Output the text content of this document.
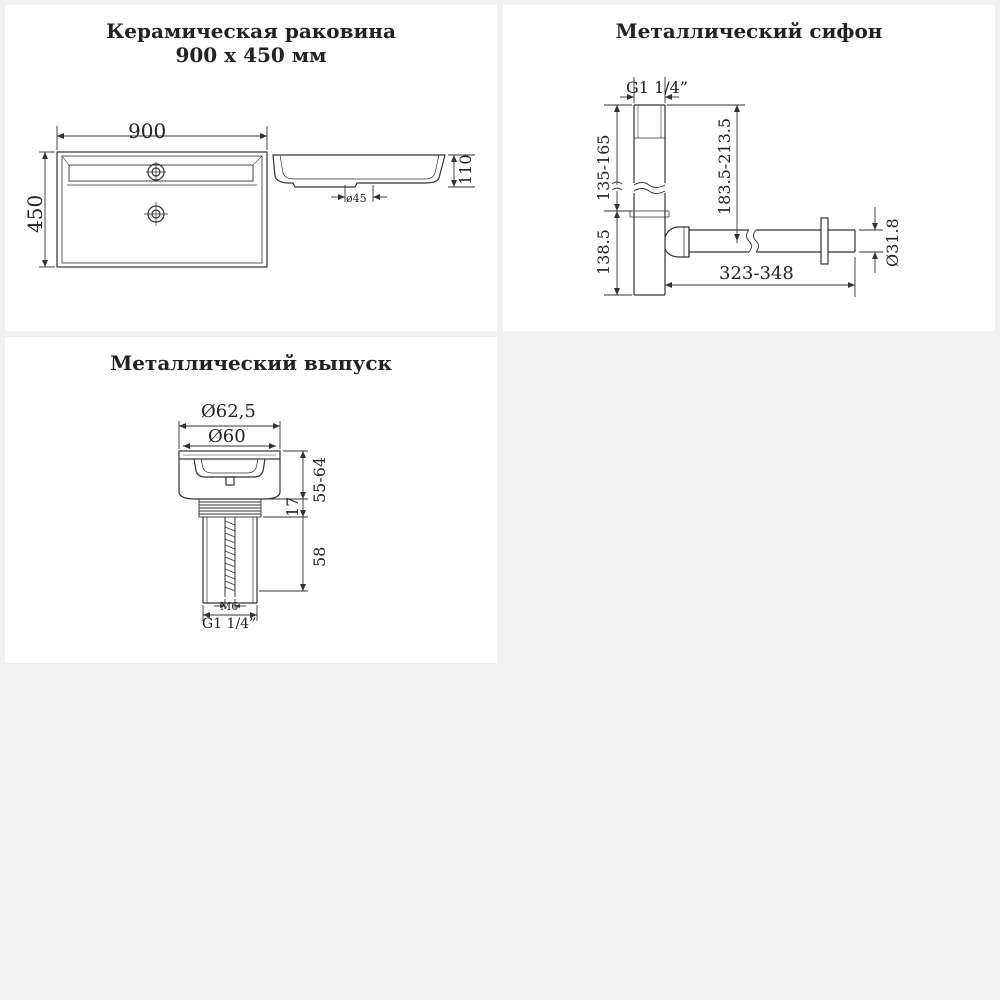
Керамическая раковина
900 x 450 мм
900
450
110
ø45
Металлический сифон
G1 1/4”
135-165
138.5
183.5-213.5
323-348
Ø31.8
Металлический выпуск
Ø62,5
Ø60
55-64
17
58
M6
G1 1/4”
